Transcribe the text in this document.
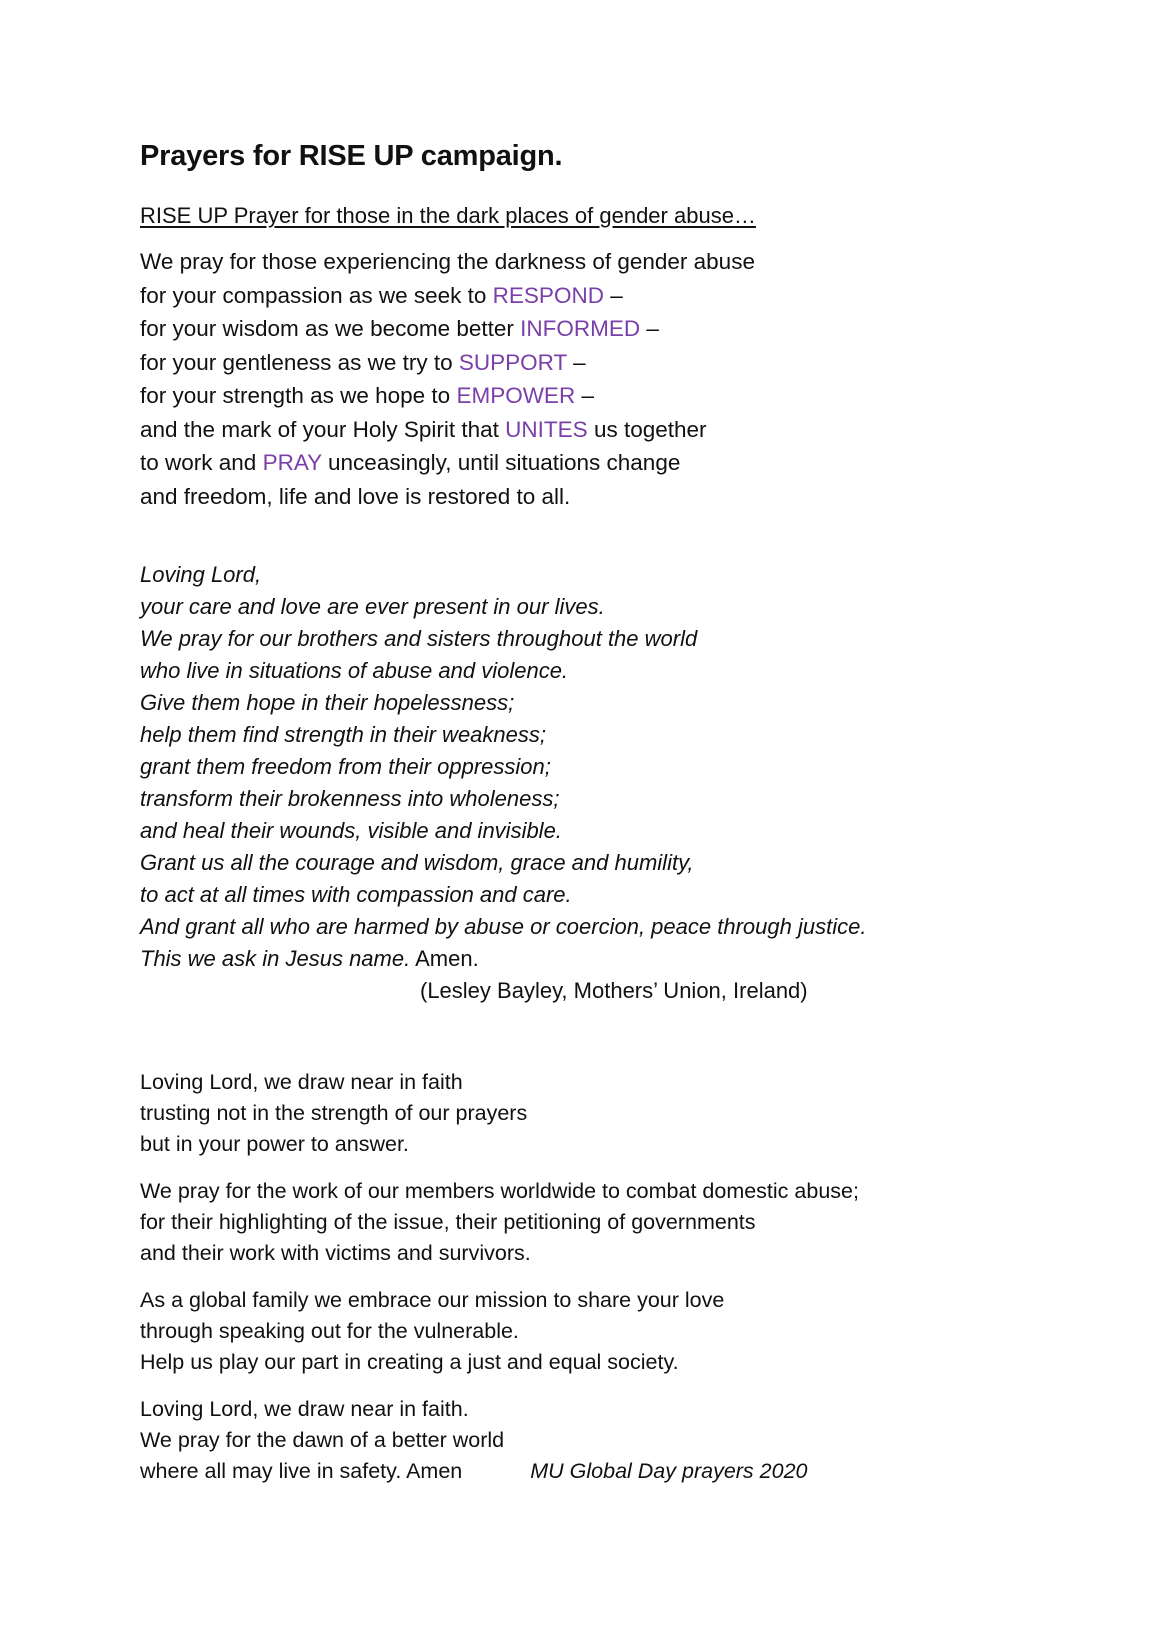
Prayers for RISE UP campaign.
RISE UP Prayer for those in the dark places of gender abuse…
We pray for those experiencing the darkness of gender abuse
for your compassion as we seek to RESPOND –
for your wisdom as we become better INFORMED –
for your gentleness as we try to SUPPORT –
for your strength as we hope to EMPOWER –
and the mark of your Holy Spirit that UNITES us together
to work and PRAY unceasingly, until situations change
and freedom, life and love is restored to all.
Loving Lord,
your care and love are ever present in our lives.
We pray for our brothers and sisters throughout the world
who live in situations of abuse and violence.
Give them hope in their hopelessness;
help them find strength in their weakness;
grant them freedom from their oppression;
transform their brokenness into wholeness;
and heal their wounds, visible and invisible.
Grant us all the courage and wisdom, grace and humility,
to act at all times with compassion and care.
And grant all who are harmed by abuse or coercion, peace through justice.
This we ask in Jesus name. Amen.
(Lesley Bayley, Mothers’ Union, Ireland)

Loving Lord, we draw near in faith
trusting not in the strength of our prayers
but in your power to answer.

We pray for the work of our members worldwide to combat domestic abuse;
for their highlighting of the issue, their petitioning of governments
and their work with victims and survivors.

As a global family we embrace our mission to share your love
through speaking out for the vulnerable.
Help us play our part in creating a just and equal society.

Loving Lord, we draw near in faith.
We pray for the dawn of a better world
where all may live in safety. Amen	MU Global Day prayers 2020
